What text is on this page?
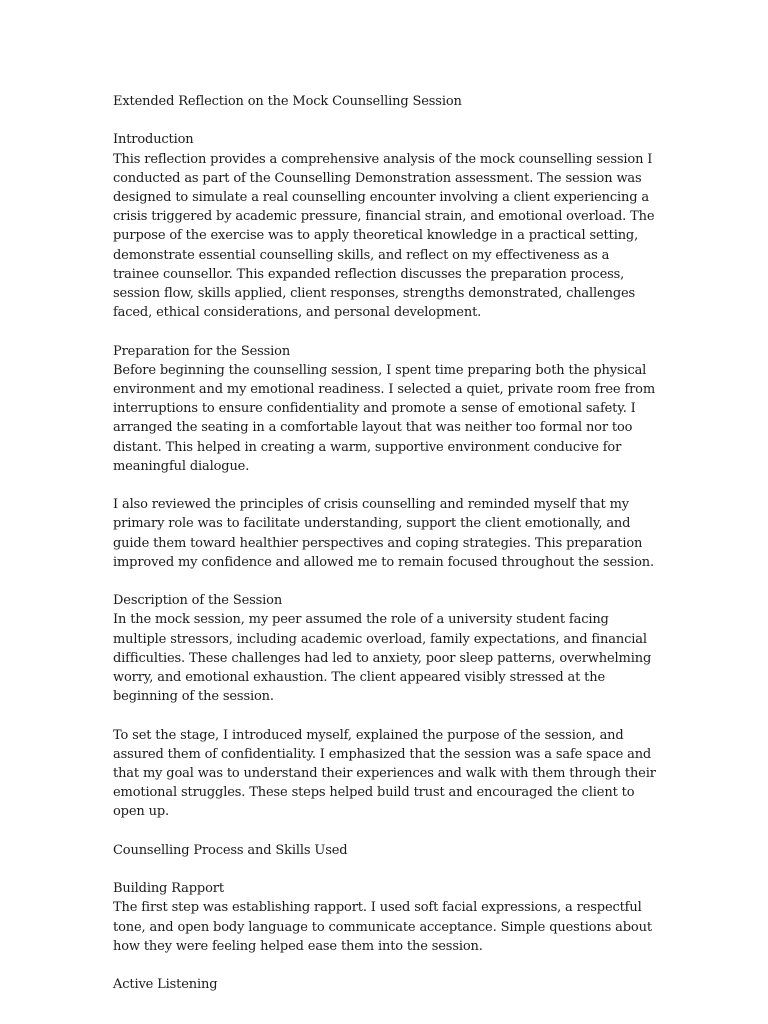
Extended Reflection on the Mock Counselling Session

Introduction

This reflection provides a comprehensive analysis of the mock counselling session I conducted as part of the Counselling Demonstration assessment. The session was designed to simulate a real counselling encounter involving a client experiencing a crisis triggered by academic pressure, financial strain, and emotional overload. The purpose of the exercise was to apply theoretical knowledge in a practical setting, demonstrate essential counselling skills, and reflect on my effectiveness as a trainee counsellor. This expanded reflection discusses the preparation process, session flow, skills applied, client responses, strengths demonstrated, challenges faced, ethical considerations, and personal development.

Preparation for the Session

Before beginning the counselling session, I spent time preparing both the physical environment and my emotional readiness. I selected a quiet, private room free from interruptions to ensure confidentiality and promote a sense of emotional safety. I arranged the seating in a comfortable layout that was neither too formal nor too distant. This helped in creating a warm, supportive environment conducive for meaningful dialogue.

I also reviewed the principles of crisis counselling and reminded myself that my primary role was to facilitate understanding, support the client emotionally, and guide them toward healthier perspectives and coping strategies. This preparation improved my confidence and allowed me to remain focused throughout the session.

Description of the Session

In the mock session, my peer assumed the role of a university student facing multiple stressors, including academic overload, family expectations, and financial difficulties. These challenges had led to anxiety, poor sleep patterns, overwhelming worry, and emotional exhaustion. The client appeared visibly stressed at the beginning of the session.

To set the stage, I introduced myself, explained the purpose of the session, and assured them of confidentiality. I emphasized that the session was a safe space and that my goal was to understand their experiences and walk with them through their emotional struggles. These steps helped build trust and encouraged the client to open up.

Counselling Process and Skills Used

Building Rapport

The first step was establishing rapport. I used soft facial expressions, a respectful tone, and open body language to communicate acceptance. Simple questions about how they were feeling helped ease them into the session.

Active Listening
